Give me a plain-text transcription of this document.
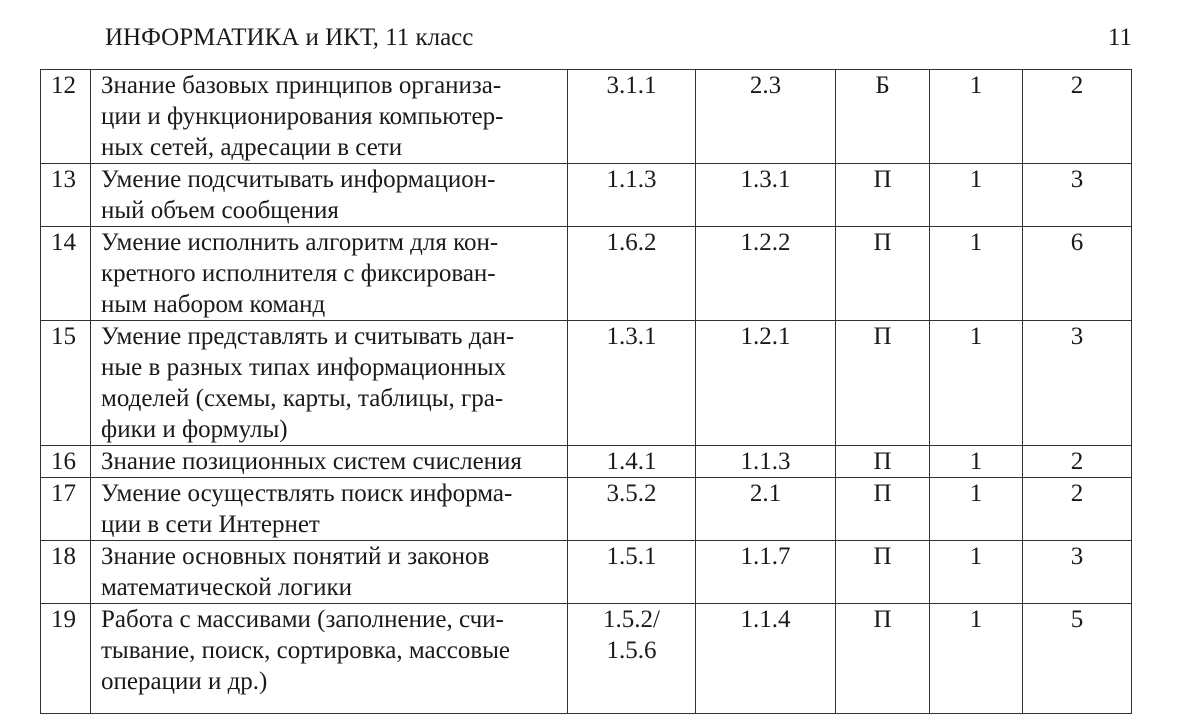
ИНФОРМАТИКА и ИКТ, 11 класс	11
12	Знание базовых принципов организа-
ции и функционирования компьютер-
ных сетей, адресации в сети	3.1.1	2.3	Б	1	2
13	Умение подсчитывать информацион-
ный объем сообщения	1.1.3	1.3.1	П	1	3
14	Умение исполнить алгоритм для кон-
кретного исполнителя с фиксирован-
ным набором команд	1.6.2	1.2.2	П	1	6
15	Умение представлять и считывать дан-
ные в разных типах информационных
моделей (схемы, карты, таблицы, гра-
фики и формулы)	1.3.1	1.2.1	П	1	3
16	Знание позиционных систем счисления	1.4.1	1.1.3	П	1	2
17	Умение осуществлять поиск информа-
ции в сети Интернет	3.5.2	2.1	П	1	2
18	Знание основных понятий и законов
математической логики	1.5.1	1.1.7	П	1	3
19	Работа с массивами (заполнение, счи-
тывание, поиск, сортировка, массовые
операции и др.)	1.5.2/
1.5.6	1.1.4	П	1	5
